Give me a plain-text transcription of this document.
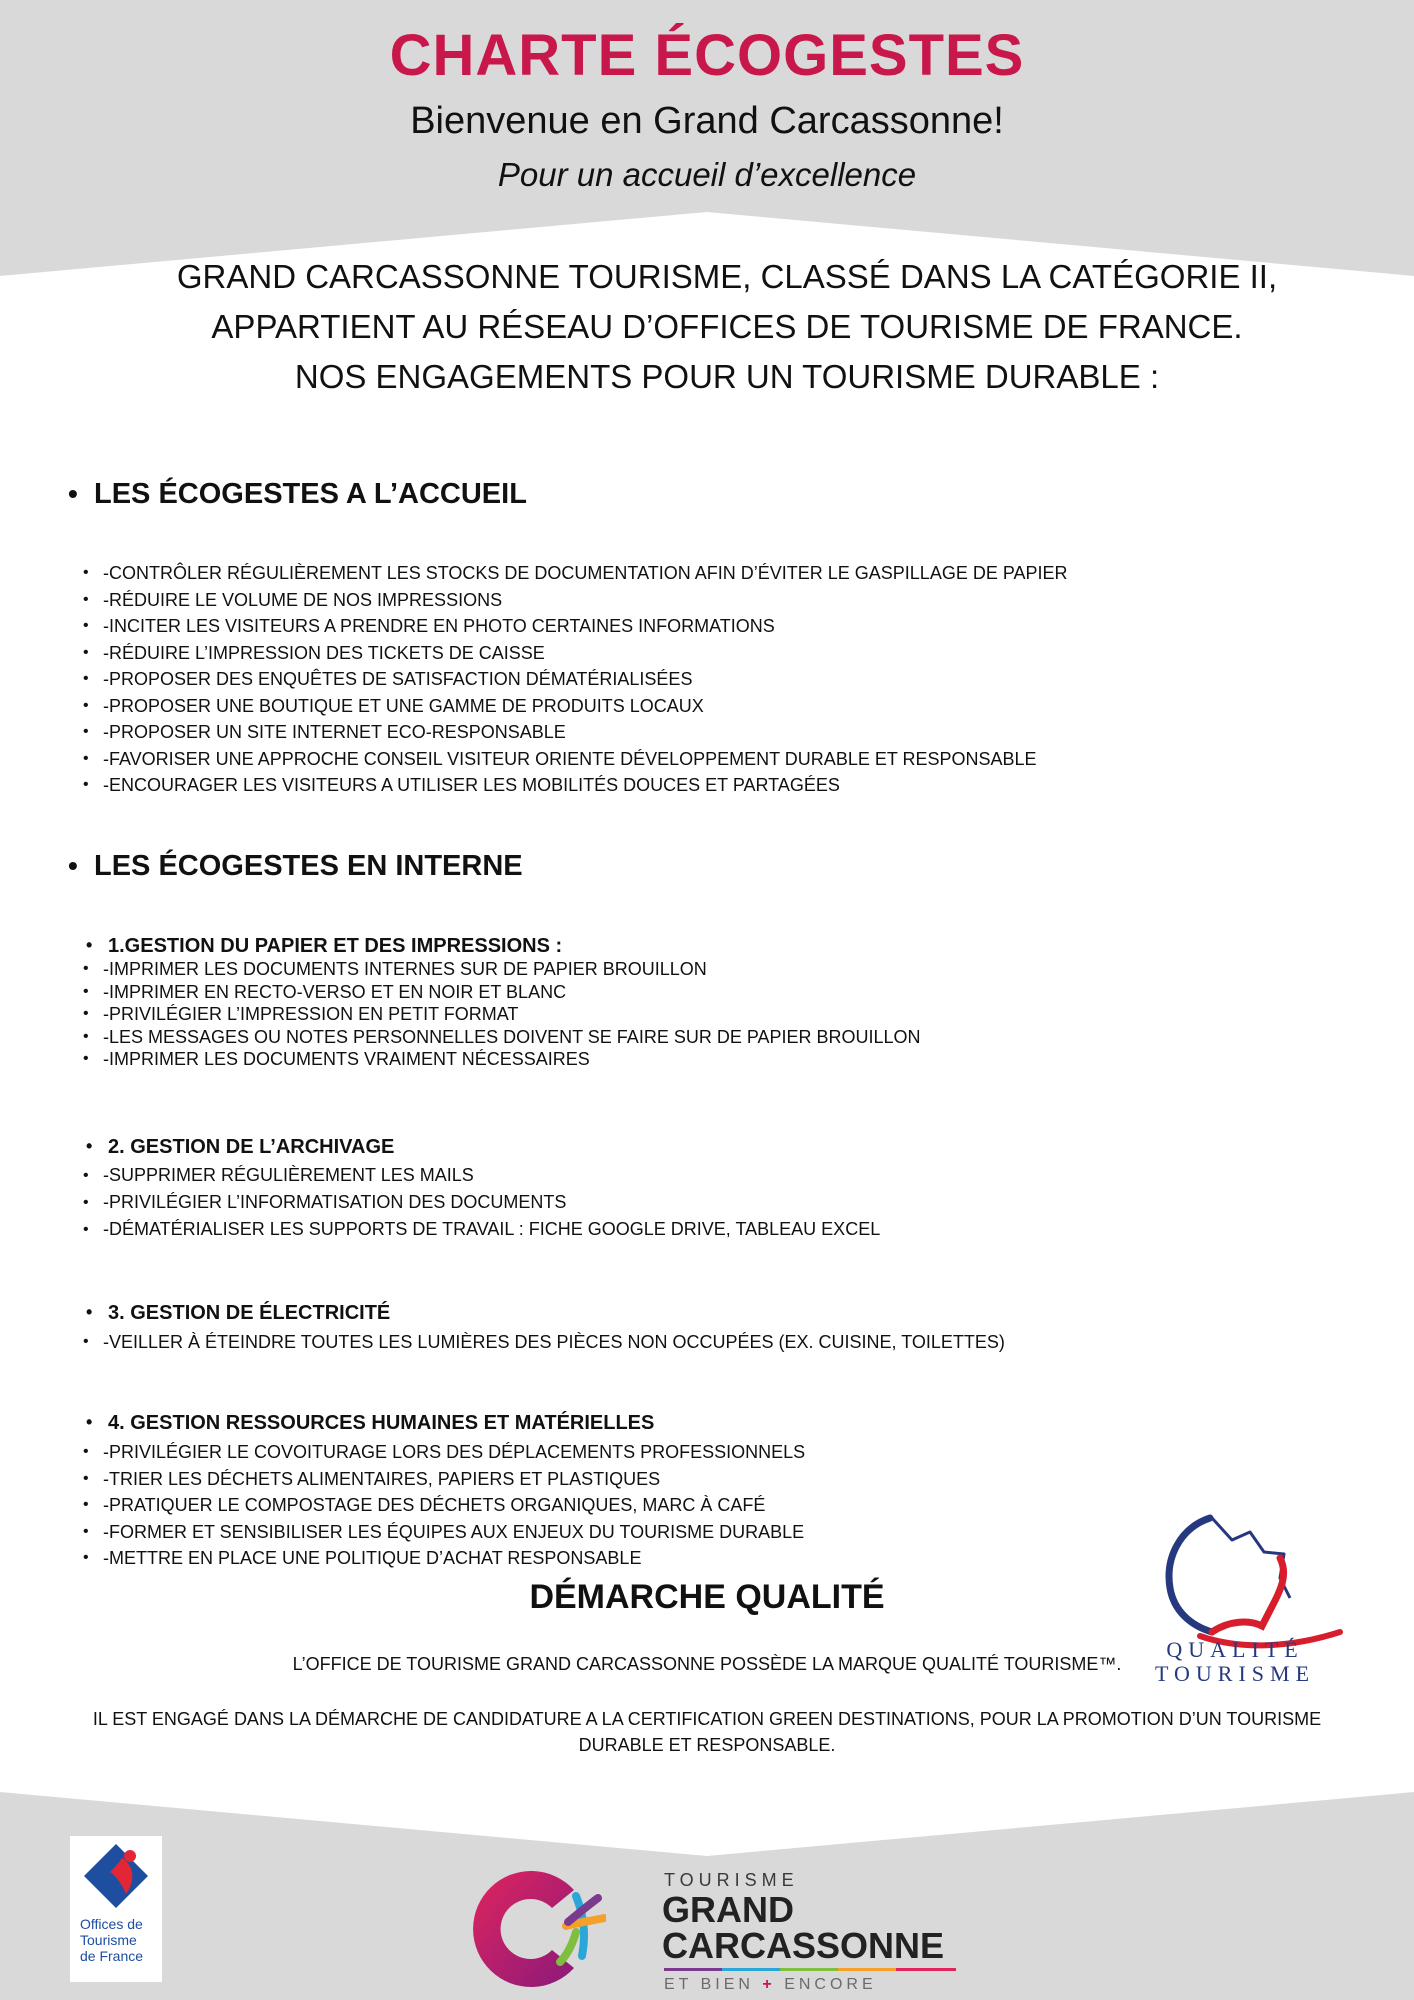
CHARTE ÉCOGESTES
Bienvenue en Grand Carcassonne!
Pour un accueil d’excellence
GRAND CARCASSONNE TOURISME, CLASSÉ DANS LA CATÉGORIE II,
APPARTIENT AU RÉSEAU D’OFFICES DE TOURISME DE FRANCE.
NOS ENGAGEMENTS POUR UN TOURISME DURABLE :
• LES ÉCOGESTES A L’ACCUEIL
• -CONTRÔLER RÉGULIÈREMENT LES STOCKS DE DOCUMENTATION AFIN D’ÉVITER LE GASPILLAGE DE PAPIER
• -RÉDUIRE LE VOLUME DE NOS IMPRESSIONS
• -INCITER LES VISITEURS A PRENDRE EN PHOTO CERTAINES INFORMATIONS
• -RÉDUIRE L’IMPRESSION DES TICKETS DE CAISSE
• -PROPOSER DES ENQUÊTES DE SATISFACTION DÉMATÉRIALISÉES
• -PROPOSER UNE BOUTIQUE ET UNE GAMME DE PRODUITS LOCAUX
• -PROPOSER UN SITE INTERNET ECO-RESPONSABLE
• -FAVORISER UNE APPROCHE CONSEIL VISITEUR ORIENTE DÉVELOPPEMENT DURABLE ET RESPONSABLE
• -ENCOURAGER LES VISITEURS A UTILISER LES MOBILITÉS DOUCES ET PARTAGÉES
• LES ÉCOGESTES EN INTERNE
• 1.GESTION DU PAPIER ET DES IMPRESSIONS :
• -IMPRIMER LES DOCUMENTS INTERNES SUR DE PAPIER BROUILLON
• -IMPRIMER EN RECTO-VERSO ET EN NOIR ET BLANC
• -PRIVILÉGIER L’IMPRESSION EN PETIT FORMAT
• -LES MESSAGES OU NOTES PERSONNELLES DOIVENT SE FAIRE SUR DE PAPIER BROUILLON
• -IMPRIMER LES DOCUMENTS VRAIMENT NÉCESSAIRES
• 2. GESTION DE L’ARCHIVAGE
• -SUPPRIMER RÉGULIÈREMENT LES MAILS
• -PRIVILÉGIER L’INFORMATISATION DES DOCUMENTS
• -DÉMATÉRIALISER LES SUPPORTS DE TRAVAIL : FICHE GOOGLE DRIVE, TABLEAU EXCEL
• 3. GESTION DE ÉLECTRICITÉ
• -VEILLER À ÉTEINDRE TOUTES LES LUMIÈRES DES PIÈCES NON OCCUPÉES (EX. CUISINE, TOILETTES)
• 4. GESTION RESSOURCES HUMAINES ET MATÉRIELLES
• -PRIVILÉGIER LE COVOITURAGE LORS DES DÉPLACEMENTS PROFESSIONNELS
• -TRIER LES DÉCHETS ALIMENTAIRES, PAPIERS ET PLASTIQUES
• -PRATIQUER LE COMPOSTAGE DES DÉCHETS ORGANIQUES, MARC À CAFÉ
• -FORMER ET SENSIBILISER LES ÉQUIPES AUX ENJEUX DU TOURISME DURABLE
• -METTRE EN PLACE UNE POLITIQUE D’ACHAT RESPONSABLE
DÉMARCHE QUALITÉ
L’OFFICE DE TOURISME GRAND CARCASSONNE POSSÈDE LA MARQUE QUALITÉ TOURISME™.
IL EST ENGAGÉ DANS LA DÉMARCHE DE CANDIDATURE A LA CERTIFICATION GREEN DESTINATIONS, POUR LA PROMOTION D’UN TOURISME DURABLE ET RESPONSABLE.
QUALITÉ TOURISME
Offices de
Tourisme
de France
TOURISME
GRAND
CARCASSONNE
ET BIEN + ENCORE
